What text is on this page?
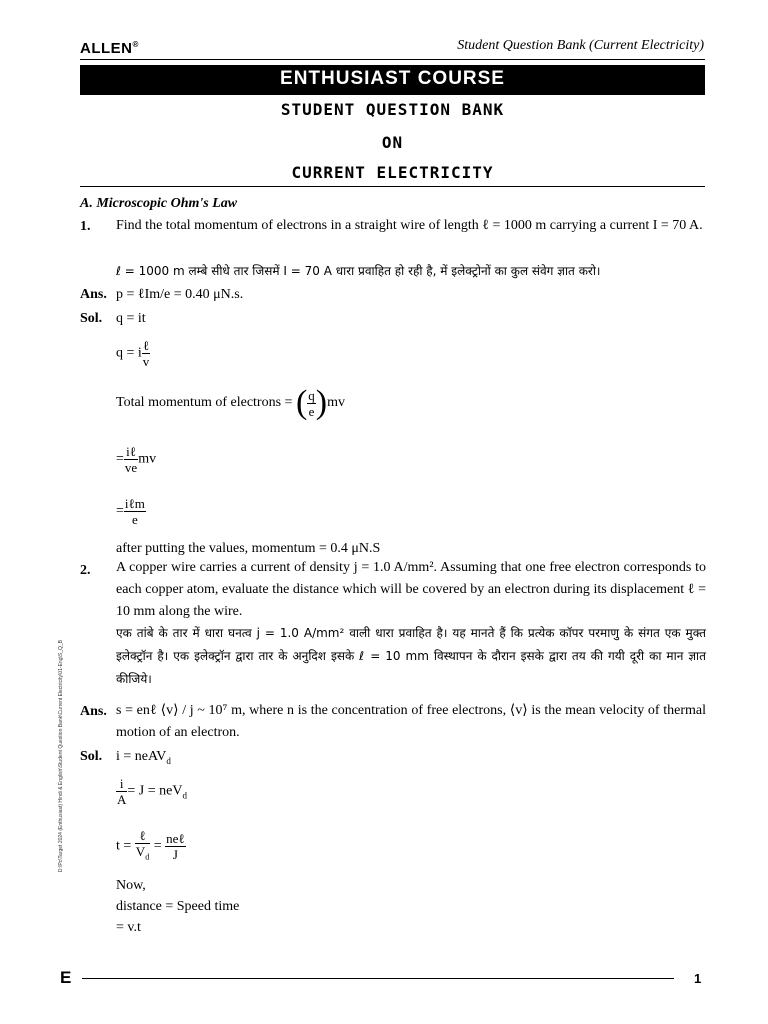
ALLEN®	Student Question Bank (Current Electricity)
ENTHUSIAST COURSE
STUDENT QUESTION BANK
ON
CURRENT ELECTRICITY
A. Microscopic Ohm's Law
1. Find the total momentum of electrons in a straight wire of length ℓ = 1000 m carrying a current I = 70 A.
ℓ = 1000 m लम्बे सीधे तार जिसमें I = 70 A धारा प्रवाहित हो रही है, में इलेक्ट्रोनों का कुल संवेग ज्ञात करो।
Ans. p = ℓIm/e = 0.40 μN.s.
Sol. q = it
q = i $\frac{\text{ℓ}}{v}$
Total momentum of electrons = ( $\frac{q}{e} )mv$
= $\frac{\text{iℓ}}{ve}$ mv
= $\frac{\text{iℓm}}{e}$
after putting the values, momentum = 0.4 μN.S
2. A copper wire carries a current of density j = 1.0 A/mm². Assuming that one free electron corresponds to each copper atom, evaluate the distance which will be covered by an electron during its displacement ℓ = 10 mm along the wire.
एक तांबे के तार में धारा घनत्व j = 1.0 A/mm² वाली धारा प्रवाहित है। यह मानते हैं कि प्रत्येक कॉपर परमाणु के संगत एक मुक्त इलेक्ट्रॉन है। एक इलेक्ट्रॉन द्वारा तार के अनुदिश इसके ℓ = 10 mm विस्थापन के दौरान इसके द्वारा तय की गयी दूरी का मान ज्ञात कीजिये।
Ans. s = enℓ ⟨v⟩ / j ~ 10⁷ m, where n is the concentration of free electrons, ⟨v⟩ is the mean velocity of thermal motion of an electron.
Sol. i = neAV$_d$
$\frac{i}{A} = J = neV_d$
$t = \frac{\text{ℓ}}{V_d} = \frac{\text{neℓ}}{J}$
Now,
distance = Speed time
= v.t
D:\Pc\Target 2024 (Enthusiast) Hindi & English\Student Question Bank\Current Electricity\01-Eng\S_Q_B
E	1
